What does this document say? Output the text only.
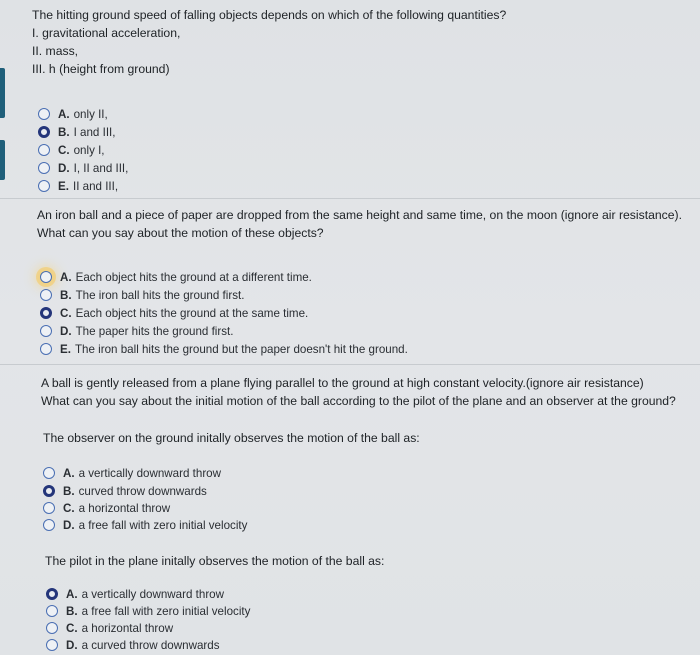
The hitting ground speed of falling objects depends on which of the following quantities?
I. gravitational acceleration,
II. mass,
III. h (height from ground)
A. only II,
B. I and III,
C. only I,
D. I, II and III,
E. II and III,
An iron ball and a piece of paper are dropped from the same height and same time, on the moon (ignore air resistance).
What can you say about the motion of these objects?
A. Each object hits the ground at a different time.
B. The iron ball hits the ground first.
C. Each object hits the ground at the same time.
D. The paper hits the ground first.
E. The iron ball hits the ground but the paper doesn't hit the ground.
A ball is gently released from a plane flying parallel to the ground at high constant velocity.(ignore air resistance)
What can you say about the initial motion of the ball according to the pilot of the plane and an observer at the ground?
The observer on the ground initally observes the motion of the ball as:
A. a vertically downward throw
B. curved throw downwards
C. a horizontal throw
D. a free fall with zero initial velocity
The pilot in the plane initally observes the motion of the ball as:
A. a vertically downward throw
B. a free fall with zero initial velocity
C. a horizontal throw
D. a curved throw downwards
